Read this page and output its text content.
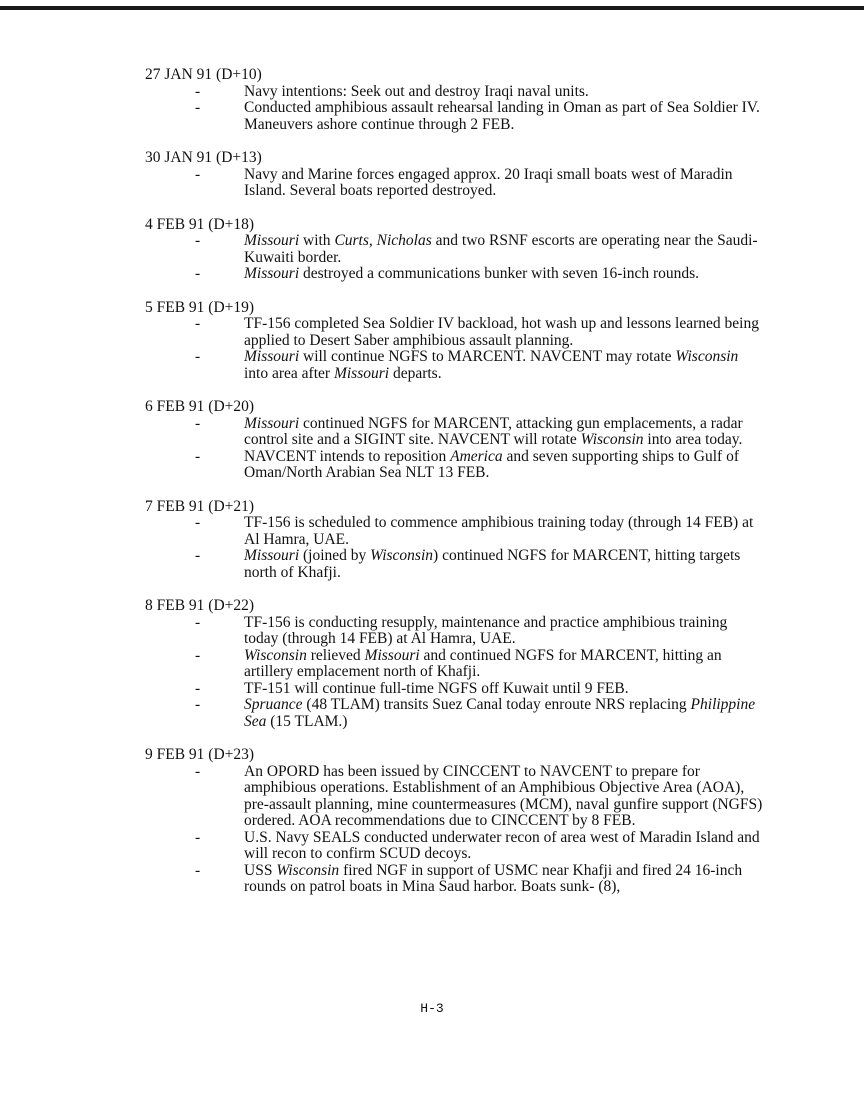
27 JAN 91 (D+10)
-	Navy intentions: Seek out and destroy Iraqi naval units.
-	Conducted amphibious assault rehearsal landing in Oman as part of Sea Soldier IV. Maneuvers ashore continue through 2 FEB.
30 JAN 91 (D+13)
-	Navy and Marine forces engaged approx. 20 Iraqi small boats west of Maradin Island. Several boats reported destroyed.
4 FEB 91 (D+18)
-	Missouri with Curts, Nicholas and two RSNF escorts are operating near the Saudi-Kuwaiti border.
-	Missouri destroyed a communications bunker with seven 16-inch rounds.
5 FEB 91 (D+19)
-	TF-156 completed Sea Soldier IV backload, hot wash up and lessons learned being applied to Desert Saber amphibious assault planning.
-	Missouri will continue NGFS to MARCENT. NAVCENT may rotate Wisconsin into area after Missouri departs.
6 FEB 91 (D+20)
-	Missouri continued NGFS for MARCENT, attacking gun emplacements, a radar control site and a SIGINT site. NAVCENT will rotate Wisconsin into area today.
-	NAVCENT intends to reposition America and seven supporting ships to Gulf of Oman/North Arabian Sea NLT 13 FEB.
7 FEB 91 (D+21)
-	TF-156 is scheduled to commence amphibious training today (through 14 FEB) at Al Hamra, UAE.
-	Missouri (joined by Wisconsin) continued NGFS for MARCENT, hitting targets north of Khafji.
8 FEB 91 (D+22)
-	TF-156 is conducting resupply, maintenance and practice amphibious training today (through 14 FEB) at Al Hamra, UAE.
-	Wisconsin relieved Missouri and continued NGFS for MARCENT, hitting an artillery emplacement north of Khafji.
-	TF-151 will continue full-time NGFS off Kuwait until 9 FEB.
-	Spruance (48 TLAM) transits Suez Canal today enroute NRS replacing Philippine Sea (15 TLAM.)
9 FEB 91 (D+23)
-	An OPORD has been issued by CINCCENT to NAVCENT to prepare for amphibious operations. Establishment of an Amphibious Objective Area (AOA), pre-assault planning, mine countermeasures (MCM), naval gunfire support (NGFS) ordered. AOA recommendations due to CINCCENT by 8 FEB.
-	U.S. Navy SEALS conducted underwater recon of area west of Maradin Island and will recon to confirm SCUD decoys.
-	USS Wisconsin fired NGF in support of USMC near Khafji and fired 24 16-inch rounds on patrol boats in Mina Saud harbor. Boats sunk- (8),
H-3
